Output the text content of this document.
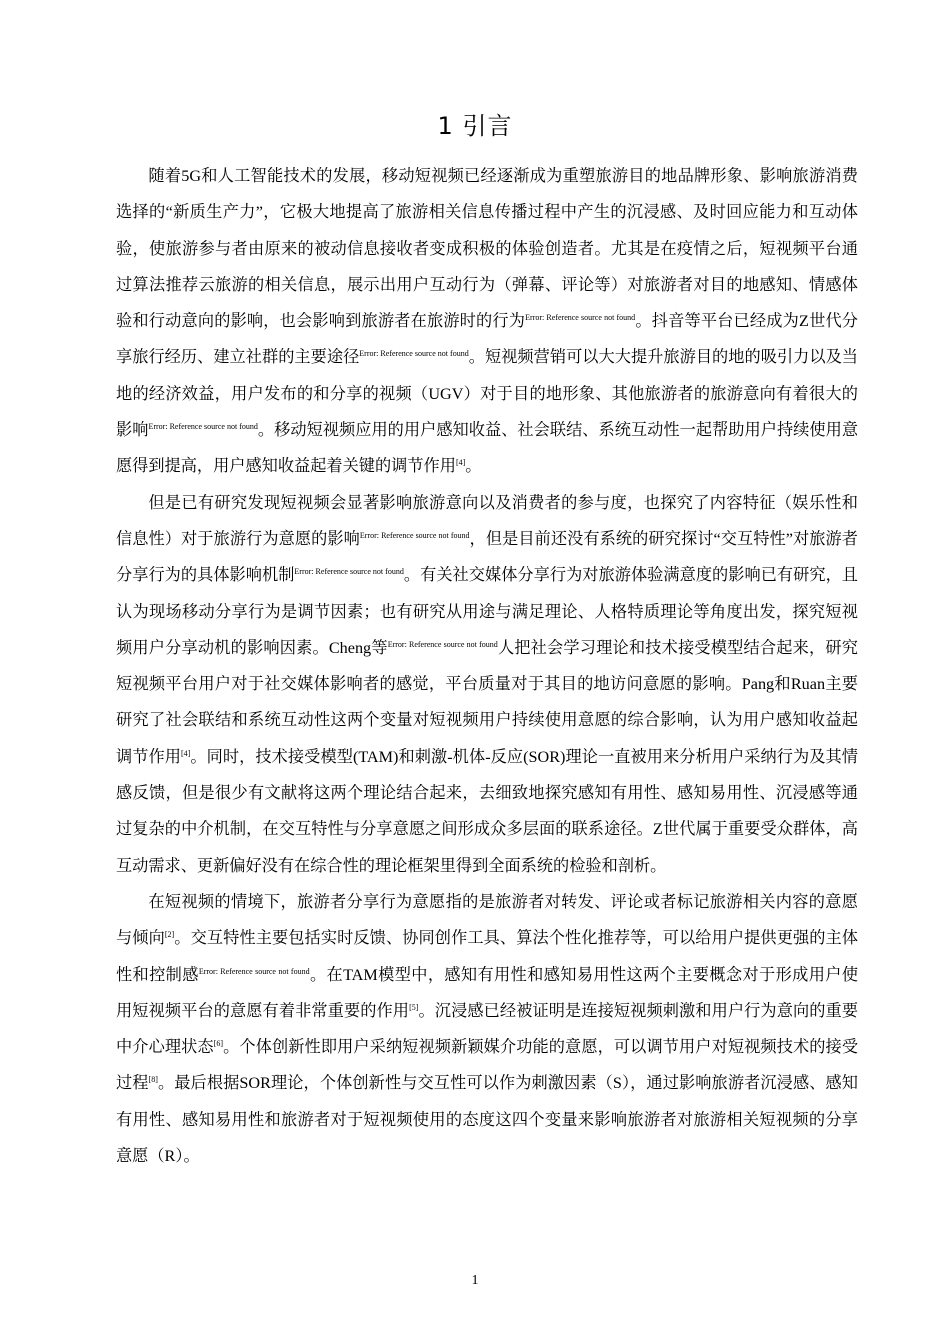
1 引言

随着5G和人工智能技术的发展，移动短视频已经逐渐成为重塑旅游目的地品牌形象、影响旅游消费选择的“新质生产力”，它极大地提高了旅游相关信息传播过程中产生的沉浸感、及时回应能力和互动体验，使旅游参与者由原来的被动信息接收者变成积极的体验创造者。尤其是在疫情之后，短视频平台通过算法推荐云旅游的相关信息，展示出用户互动行为（弹幕、评论等）对旅游者对目的地感知、情感体验和行动意向的影响，也会影响到旅游者在旅游时的行为$^{Error: Reference source not found}$。抖音等平台已经成为Z世代分享旅行经历、建立社群的主要途径$^{Error: Reference source not found}$。短视频营销可以大大提升旅游目的地的吸引力以及当地的经济效益，用户发布的和分享的视频（UGV）对于目的地形象、其他旅游者的旅游意向有着很大的影响$^{Error: Reference source not found}$。移动短视频应用的用户感知收益、社会联结、系统互动性一起帮助用户持续使用意愿得到提高，用户感知收益起着关键的调节作用[4]。

但是已有研究发现短视频会显著影响旅游意向以及消费者的参与度，也探究了内容特征（娱乐性和信息性）对于旅游行为意愿的影响$^{Error: Reference source not found}$，但是目前还没有系统的研究探讨“交互特性”对旅游者分享行为的具体影响机制$^{Error: Reference source not found}$。有关社交媒体分享行为对旅游体验满意度的影响已有研究，且认为现场移动分享行为是调节因素；也有研究从用途与满足理论、人格特质理论等角度出发，探究短视频用户分享动机的影响因素。Cheng等$^{Error: Reference source not found}$人把社会学习理论和技术接受模型结合起来，研究短视频平台用户对于社交媒体影响者的感觉，平台质量对于其目的地访问意愿的影响。Pang和Ruan主要研究了社会联结和系统互动性这两个变量对短视频用户持续使用意愿的综合影响，认为用户感知收益起调节作用[4]。同时，技术接受模型(TAM)和刺激-机体-反应(SOR)理论一直被用来分析用户采纳行为及其情感反馈，但是很少有文献将这两个理论结合起来，去细致地探究感知有用性、感知易用性、沉浸感等通过复杂的中介机制，在交互特性与分享意愿之间形成众多层面的联系途径。Z世代属于重要受众群体，高互动需求、更新偏好没有在综合性的理论框架里得到全面系统的检验和剖析。

在短视频的情境下，旅游者分享行为意愿指的是旅游者对转发、评论或者标记旅游相关内容的意愿与倾向[2]。交互特性主要包括实时反馈、协同创作工具、算法个性化推荐等，可以给用户提供更强的主体性和控制感$^{Error: Reference source not found}$。在TAM模型中，感知有用性和感知易用性这两个主要概念对于形成用户使用短视频平台的意愿有着非常重要的作用[5]。沉浸感已经被证明是连接短视频刺激和用户行为意向的重要中介心理状态[6]。个体创新性即用户采纳短视频新颖媒介功能的意愿，可以调节用户对短视频技术的接受过程[8]。最后根据SOR理论，个体创新性与交互性可以作为刺激因素（S），通过影响旅游者沉浸感、感知有用性、感知易用性和旅游者对于短视频使用的态度这四个变量来影响旅游者对旅游相关短视频的分享意愿（R）。

1
